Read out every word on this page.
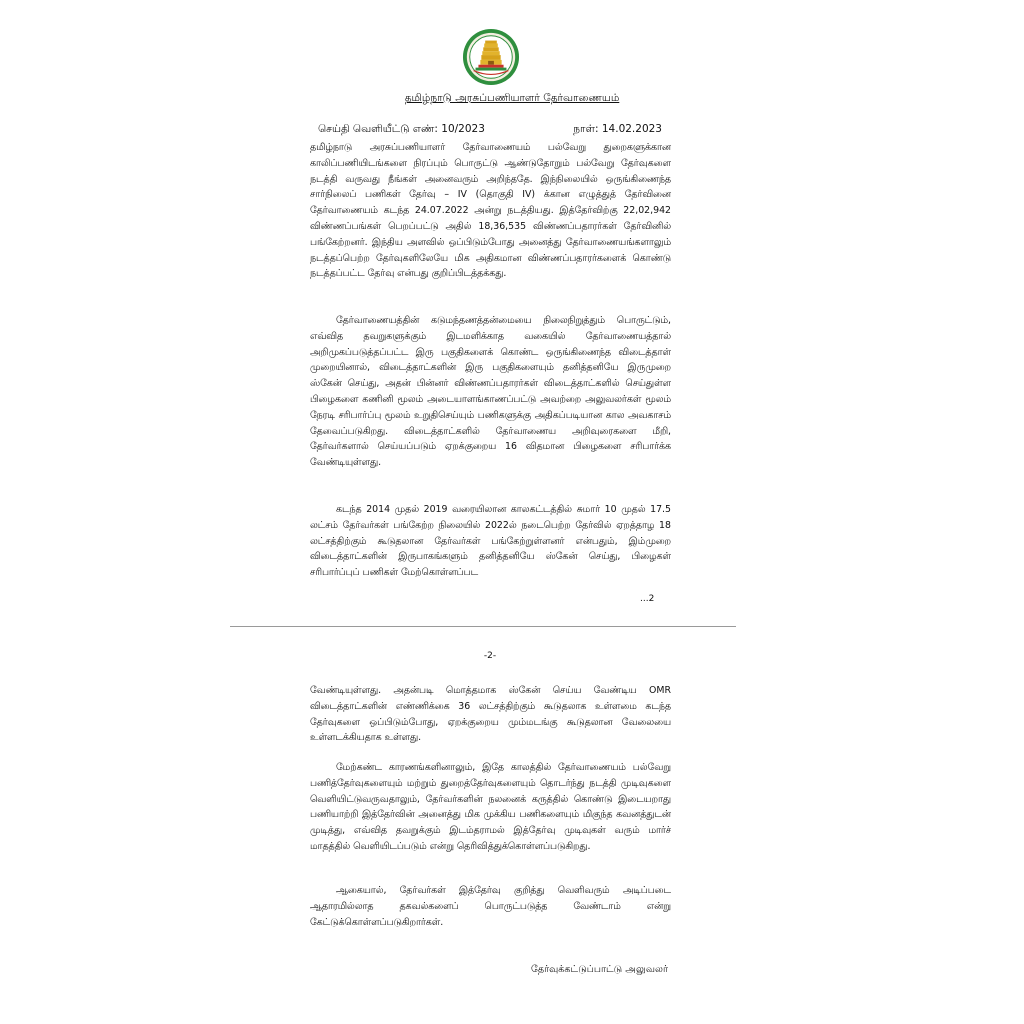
தமிழ்நாடு அரசுப்பணியாளர் தேர்வாணையம்
செய்தி வெளியீட்டு எண்: 10/2023	நாள்: 14.02.2023

தமிழ்நாடு அரசுப்பணியாளர் தேர்வாணையம் பல்வேறு துறைகளுக்கான காலிப்பணியிடங்களை நிரப்பும் பொருட்டு ஆண்டுதோறும் பல்வேறு தேர்வுகளை நடத்தி வருவது நீங்கள் அனைவரும் அறிந்ததே. இந்நிலையில் ஒருங்கிணைந்த சார்நிலைப் பணிகள் தேர்வு – IV (தொகுதி IV) க்கான எழுத்துத் தேர்வினை தேர்வாணையம் கடந்த 24.07.2022 அன்று நடத்தியது. இத்தேர்விற்கு 22,02,942 விண்ணப்பங்கள் பெறப்பட்டு அதில் 18,36,535 விண்ணப்பதாரர்கள் தேர்வினில் பங்கேற்றனர். இந்திய அளவில் ஒப்பிடும்போது அனைத்து தேர்வாணையங்களாலும் நடத்தப்பெற்ற தேர்வுகளிலேயே மிக அதிகமான விண்ணப்பதாரர்களைக் கொண்டு நடத்தப்பட்ட தேர்வு என்பது குறிப்பிடத்தக்கது.

தேர்வாணையத்தின் கடுமந்தணத்தன்மையை நிலைநிறுத்தும் பொருட்டும், எவ்வித தவறுகளுக்கும் இடமளிக்காத வகையில் தேர்வாணையத்தால் அறிமுகப்படுத்தப்பட்ட இரு பகுதிகளைக் கொண்ட ஒருங்கிணைந்த விடைத்தாள் முறையினால், விடைத்தாட்களின் இரு பகுதிகளையும் தனித்தனியே இருமுறை ஸ்கேன் செய்து, அதன் பின்னர் விண்ணப்பதாரர்கள் விடைத்தாட்களில் செய்துள்ள பிழைகளை கணினி மூலம் அடையாளங்காணப்பட்டு அவற்றை அலுவலர்கள் மூலம் நேரடி சரிபார்ப்பு மூலம் உறுதிசெய்யும் பணிகளுக்கு அதிகப்படியான கால அவகாசம் தேவைப்படுகிறது. விடைத்தாட்களில் தேர்வாணைய அறிவுரைகளை மீறி, தேர்வர்களால் செய்யப்படும் ஏறக்குறைய 16 விதமான பிழைகளை சரிபார்க்க வேண்டியுள்ளது.

கடந்த 2014 முதல் 2019 வரையிலான காலகட்டத்தில் சுமார் 10 முதல் 17.5 லட்சம் தேர்வர்கள் பங்கேற்ற நிலையில் 2022ல் நடைபெற்ற தேர்வில் ஏறத்தாழ 18 லட்சத்திற்கும் கூடுதலான தேர்வர்கள் பங்கேற்றுள்ளனர் என்பதும், இம்முறை விடைத்தாட்களின் இருபாகங்களும் தனித்தனியே ஸ்கேன் செய்து, பிழைகள் சரிபார்ப்புப் பணிகள் மேற்கொள்ளப்பட

...2
-2-

வேண்டியுள்ளது. அதன்படி மொத்தமாக ஸ்கேன் செய்ய வேண்டிய OMR விடைத்தாட்களின் எண்ணிக்கை 36 லட்சத்திற்கும் கூடுதலாக உள்ளமை கடந்த தேர்வுகளை ஒப்பிடும்போது, ஏறக்குறைய மும்மடங்கு கூடுதலான வேலையை உள்ளடக்கியதாக உள்ளது.

மேற்கண்ட காரணங்களினாலும், இதே காலத்தில் தேர்வாணையம் பல்வேறு பணித்தேர்வுகளையும் மற்றும் துறைத்தேர்வுகளையும் தொடர்ந்து நடத்தி முடிவுகளை வெளியிட்டுவருவதாலும், தேர்வர்களின் நலனைக் கருத்தில் கொண்டு இடையறாது பணியாற்றி இத்தேர்வின் அனைத்து மிக முக்கிய பணிகளையும் மிகுந்த கவனத்துடன் முடித்து, எவ்வித தவறுக்கும் இடம்தராமல் இத்தேர்வு முடிவுகள் வரும் மார்ச் மாதத்தில் வெளியிடப்படும் என்று தெரிவித்துக்கொள்ளப்படுகிறது.

ஆகையால், தேர்வர்கள் இத்தேர்வு குறித்து வெளிவரும் அடிப்படை ஆதாரமில்லாத தகவல்களைப் பொருட்படுத்த வேண்டாம் என்று கேட்டுக்கொள்ளப்படுகிறார்கள்.

தேர்வுக்கட்டுப்பாட்டு அலுவலர்
